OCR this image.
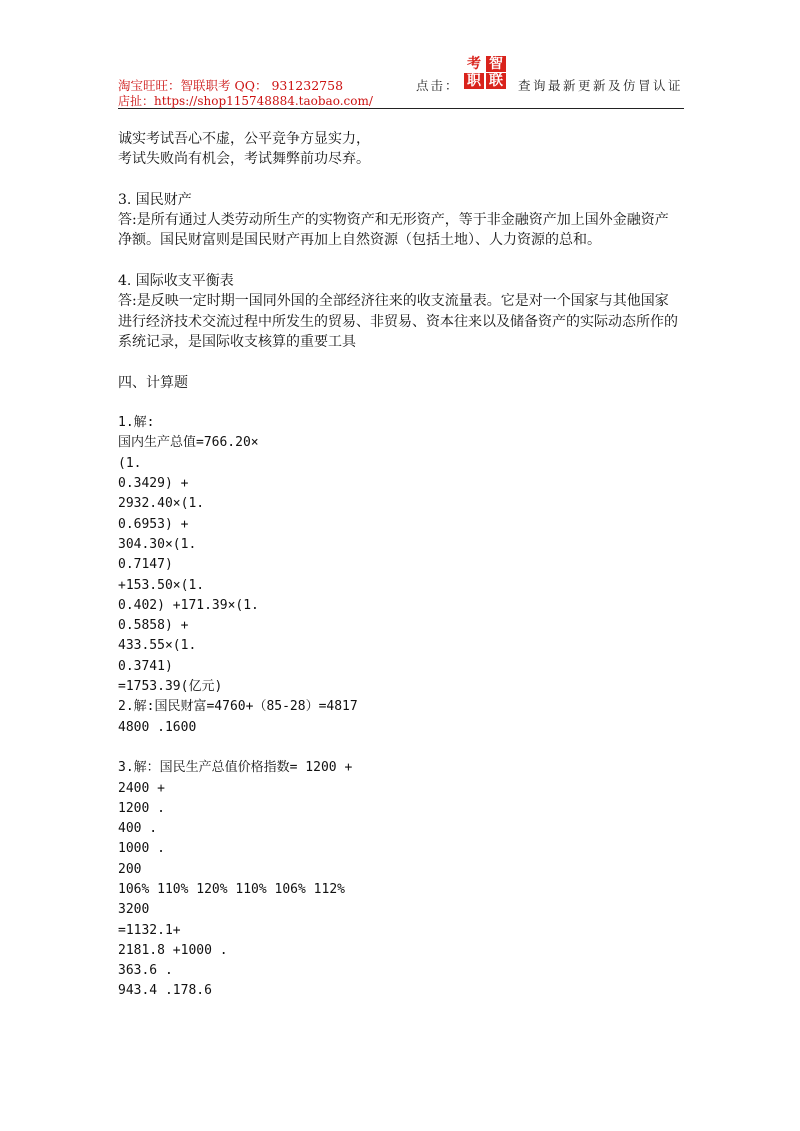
淘宝旺旺：智联职考 QQ： 931232758
店扯：https://shop115748884.taobao.com/
点击：
考 智
职 联 查询最新更新及仿冒认证
诚实考试吾心不虚，公平竞争方显实力，
考试失败尚有机会，考试舞弊前功尽弃。
3. 国民财产
答:是所有通过人类劳动所生产的实物资产和无形资产，等于非金融资产加上国外金融资产
净额。国民财富则是国民财产再加上自然资源（包括土地）、人力资源的总和。
4. 国际收支平衡表
答:是反映一定时期一国同外国的全部经济往来的收支流量表。它是对一个国家与其他国家
进行经济技术交流过程中所发生的贸易、非贸易、资本往来以及储备资产的实际动态所作的
系统记录，是国际收支核算的重要工具
四、计算题
1.解:
国内生产总值=766.20×
(1.
0.3429) +
2932.40×(1.
0.6953) +
304.30×(1.
0.7147)
+153.50×(1.
0.402) +171.39×(1.
0.5858) +
433.55×(1.
0.3741)
=1753.39(亿元)
2.解:国民财富=4760+（85-28）=4817
4800 .1600
3.解：国民生产总值价格指数= 1200 +
2400 +
1200 .
400 .
1000 .
200
106% 110% 120% 110% 106% 112%
3200
=1132.1+
2181.8 +1000 .
363.6 .
943.4 .178.6
